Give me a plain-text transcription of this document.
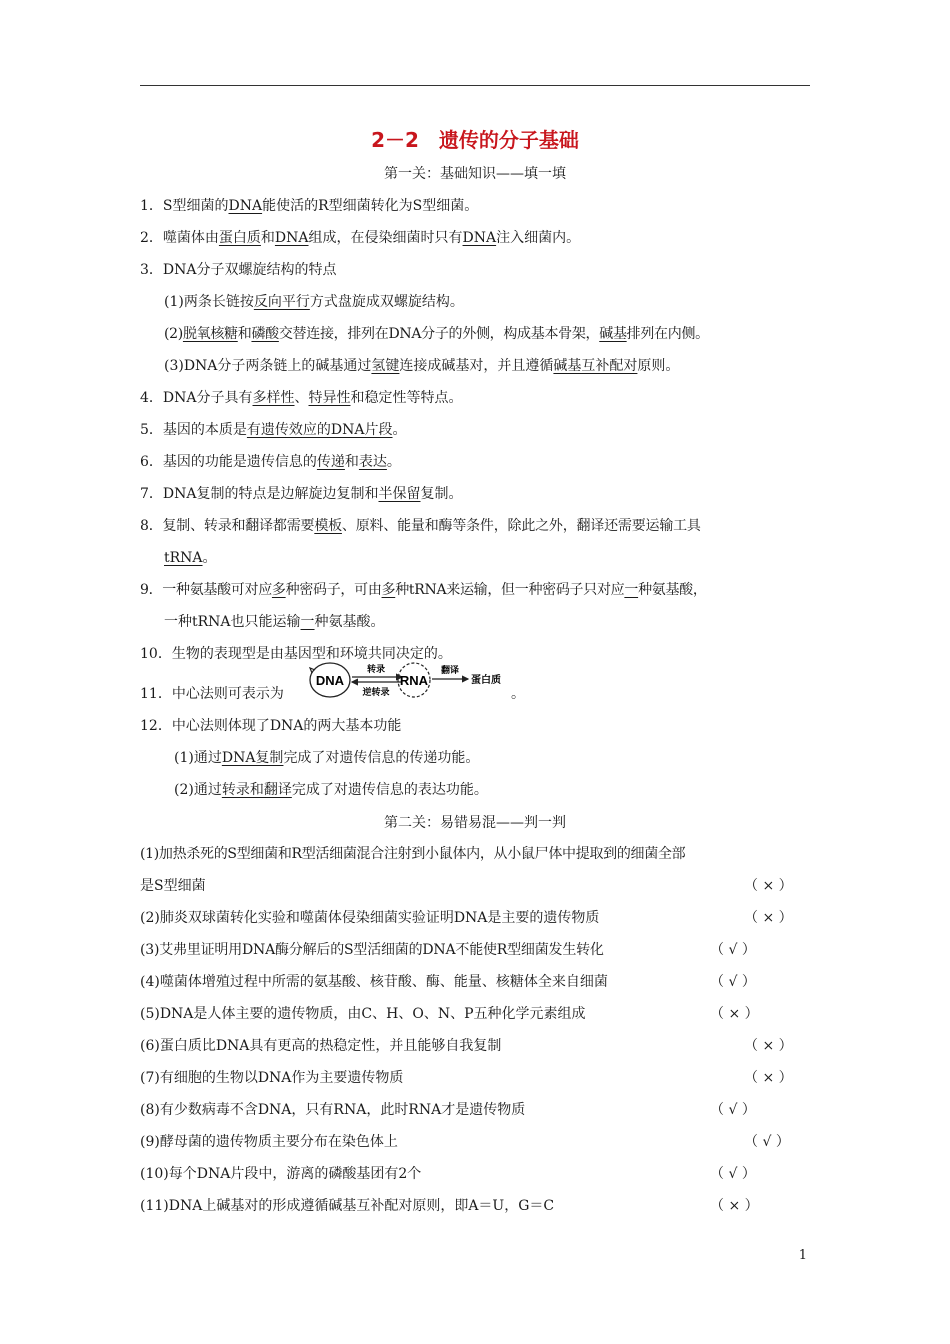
2－2　遗传的分子基础
第一关：基础知识——填一填
1．S型细菌的DNA能使活的R型细菌转化为S型细菌。
2．噬菌体由蛋白质和DNA组成，在侵染细菌时只有DNA注入细菌内。
3．DNA分子双螺旋结构的特点
(1)两条长链按反向平行方式盘旋成双螺旋结构。
(2)脱氧核糖和磷酸交替连接，排列在DNA分子的外侧，构成基本骨架，碱基排列在内侧。
(3)DNA分子两条链上的碱基通过氢键连接成碱基对，并且遵循碱基互补配对原则。
4．DNA分子具有多样性、特异性和稳定性等特点。
5．基因的本质是有遗传效应的DNA片段。
6．基因的功能是遗传信息的传递和表达。
7．DNA复制的特点是边解旋边复制和半保留复制。
8．复制、转录和翻译都需要模板、原料、能量和酶等条件，除此之外，翻译还需要运输工具
tRNA。
9．一种氨基酸可对应多种密码子，可由多种tRNA来运输，但一种密码子只对应一种氨基酸，
一种tRNA也只能运输一种氨基酸。
10．生物的表现型是由基因型和环境共同决定的。
11．中心法则可表示为	。
DNA
转录
逆转录
RNA
翻译
蛋白质
12．中心法则体现了DNA的两大基本功能
(1)通过DNA复制完成了对遗传信息的传递功能。
(2)通过转录和翻译完成了对遗传信息的表达功能。
第二关：易错易混——判一判
(1)加热杀死的S型细菌和R型活细菌混合注射到小鼠体内，从小鼠尸体中提取到的细菌全部
是S型细菌	（ × ）
(2)肺炎双球菌转化实验和噬菌体侵染细菌实验证明DNA是主要的遗传物质	（ × ）
(3)艾弗里证明用DNA酶分解后的S型活细菌的DNA不能使R型细菌发生转化	（ √ ）
(4)噬菌体增殖过程中所需的氨基酸、核苷酸、酶、能量、核糖体全来自细菌	（ √ ）
(5)DNA是人体主要的遗传物质，由C、H、O、N、P五种化学元素组成	（ × ）
(6)蛋白质比DNA具有更高的热稳定性，并且能够自我复制	（ × ）
(7)有细胞的生物以DNA作为主要遗传物质	（ × ）
(8)有少数病毒不含DNA，只有RNA，此时RNA才是遗传物质	（ √ ）
(9)酵母菌的遗传物质主要分布在染色体上	（ √ ）
(10)每个DNA片段中，游离的磷酸基团有2个	（ √ ）
(11)DNA上碱基对的形成遵循碱基互补配对原则，即A＝U，G＝C	（ × ）
1
